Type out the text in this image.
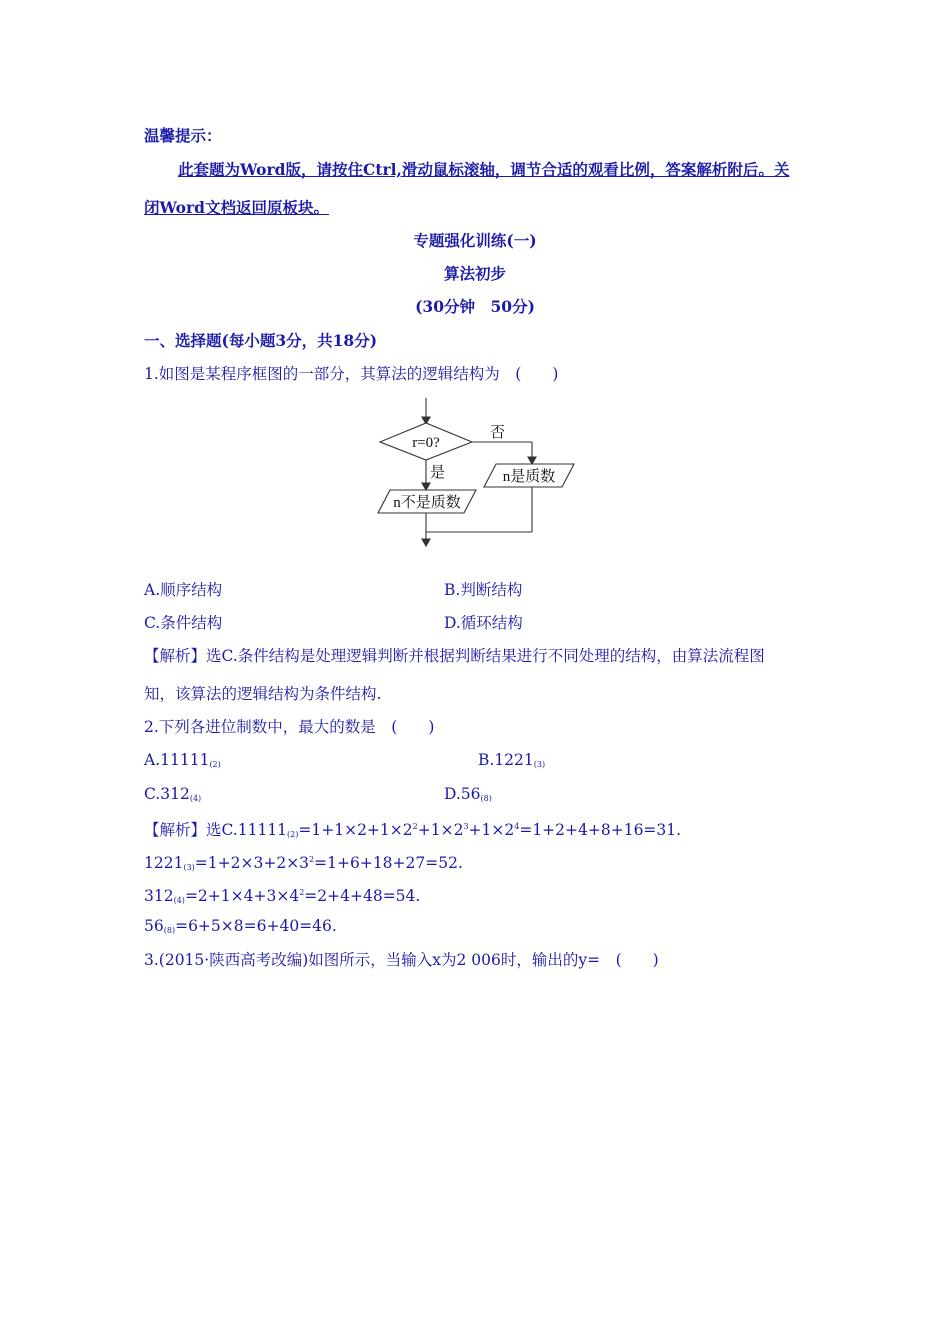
温馨提示：
此套题为Word版，请按住Ctrl,滑动鼠标滚轴，调节合适的观看比例，答案解析附后。关
闭Word文档返回原板块。
专题强化训练(一)
算法初步
(30分钟　50分)
一、选择题(每小题3分，共18分)
1.如图是某程序框图的一部分，其算法的逻辑结构为　(　　)
r=0?
否
是
n不是质数
n是质数
A.顺序结构	B.判断结构
C.条件结构	D.循环结构
【解析】选C.条件结构是处理逻辑判断并根据判断结果进行不同处理的结构，由算法流程图
知，该算法的逻辑结构为条件结构.
2.下列各进位制数中，最大的数是　(　　)
$A.11111_{(2)}$	$B.1221_{(3)}$
$C.312_{(4)}$	$D.56_{(8)}$
【解析】选$C.11111_{(2)}=1+1\times 2+1\times 2^2+1\times 2^3+1\times 2^4=1+2+4+8+16=31$.
$1221_{(3)}=1+2\times 3+2\times 3^2=1+6+18+27=52$.
$312_{(4)}=2+1\times 4+3\times 4^2=2+4+48=54$.
$56_{(8)}=6+5\times 8=6+40=46$.
3.(2015·陕西高考改编)如图所示，当输入x为2 006时，输出的y=　(　　)
